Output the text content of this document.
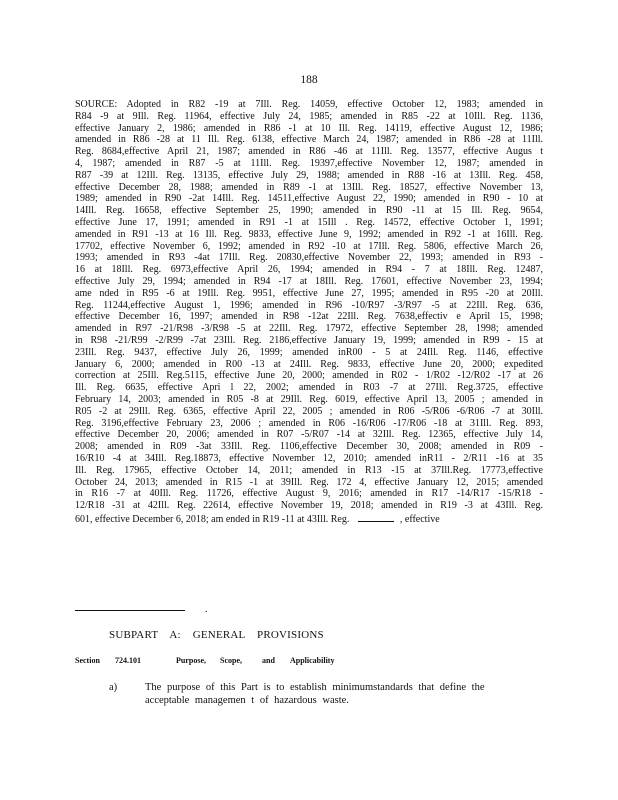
188
SOURCE: Adopted in R82 -19 at 7Ill. Reg. 14059, effective October 12, 1983; amended in
R84 -9 at 9Ill. Reg. 11964, effective July 24, 1985; amended in R85 -22 at 10Ill. Reg. 1136,
effective January 2, 1986; amended in R86 -1 at 10 Ill. Reg. 14119, effective August 12, 1986;
amended in R86 -28 at 11 Ill. Reg. 6138, effective March 24, 1987; amended in R86 -28 at 11Ill.
Reg. 8684,effective April 21, 1987; amended in R86 -46 at 11Ill. Reg. 13577, effective Augus t
4, 1987; amended in R87 -5 at 11Ill. Reg. 19397,effective November 12, 1987; amended in
R87 -39 at 12Ill. Reg. 13135, effective July 29, 1988; amended in R88 -16 at 13Ill. Reg. 458,
effective December 28, 1988; amended in R89 -1 at 13Ill. Reg. 18527, effective November 13,
1989; amended in R90 -2at 14Ill. Reg. 14511,effective August 22, 1990; amended in R90 - 10 at
14Ill. Reg. 16658, effective September 25, 1990; amended in R90 -11 at 15 Ill. Reg. 9654,
effective June 17, 1991; amended in R91 -1 at 15Ill . Reg. 14572, effective October 1, 1991;
amended in R91 -13 at 16 Ill. Reg. 9833, effective June 9, 1992; amended in R92 -1 at 16Ill. Reg.
17702, effective November 6, 1992; amended in R92 -10 at 17Ill. Reg. 5806, effective March 26,
1993; amended in R93 -4at 17Ill. Reg. 20830,effective November 22, 1993; amended in R93 -
16 at 18Ill. Reg. 6973,effective April 26, 1994; amended in R94 - 7 at 18Ill. Reg. 12487,
effective July 29, 1994; amended in R94 -17 at 18Ill. Reg. 17601, effective November 23, 1994;
ame nded in R95 -6 at 19Ill. Reg. 9951, effective June 27, 1995; amended in R95 -20 at 20Ill.
Reg. 11244,effective August 1, 1996; amended in R96 -10/R97 -3/R97 -5 at 22Ill. Reg. 636,
effective December 16, 1997; amended in R98 -12at 22Ill. Reg. 7638,effectiv e April 15, 1998;
amended in R97 -21/R98 -3/R98 -5 at 22Ill. Reg. 17972, effective September 28, 1998; amended
in R98 -21/R99 -2/R99 -7at 23Ill. Reg. 2186,effective January 19, 1999; amended in R99 - 15 at
23Ill. Reg. 9437, effective July 26, 1999; amended inR00 - 5 at 24Ill. Reg. 1146, effective
January 6, 2000; amended in R00 -13 at 24Ill. Reg. 9833, effective June 20, 2000; expedited
correction at 25Ill. Reg.5115, effective June 20, 2000; amended in R02 - 1/R02 -12/R02 -17 at 26
Ill. Reg. 6635, effective Apri l 22, 2002; amended in R03 -7 at 27Ill. Reg.3725, effective
February 14, 2003; amended in R05 -8 at 29Ill. Reg. 6019, effective April 13, 2005 ; amended in
R05 -2 at 29Ill. Reg. 6365, effective April 22, 2005 ; amended in R06 -5/R06 -6/R06 -7 at 30Ill.
Reg. 3196,effective February 23, 2006 ; amended in R06 -16/R06 -17/R06 -18 at 31Ill. Reg. 893,
effective December 20, 2006; amended in R07 -5/R07 -14 at 32Ill. Reg. 12365, effective July 14,
2008; amended in R09 -3at 33Ill. Reg. 1106,effective December 30, 2008; amended in R09 -
16/R10 -4 at 34Ill. Reg.18873, effective November 12, 2010; amended inR11 - 2/R11 -16 at 35
Ill. Reg. 17965, effective October 14, 2011; amended in R13 -15 at 37Ill.Reg. 17773,effective
October 24, 2013; amended in R15 -1 at 39Ill. Reg. 172 4, effective January 12, 2015; amended
in R16 -7 at 40Ill. Reg. 11726, effective August 9, 2016; amended in R17 -14/R17 -15/R18 -
12/R18 -31 at 42Ill. Reg. 22614, effective November 19, 2018; amended in R19 -3 at 43Ill. Reg.
601, effective December 6, 2018; am ended in R19 -11 at 43Ill. Reg.	, effective
.
SUBPART A: GENERAL PROVISIONS
Section 724.101	Purpose, Scope,	and Applicability
a)	The purpose of this Part is to establish minimumstandards that define the acceptable managemen t of hazardous waste.
